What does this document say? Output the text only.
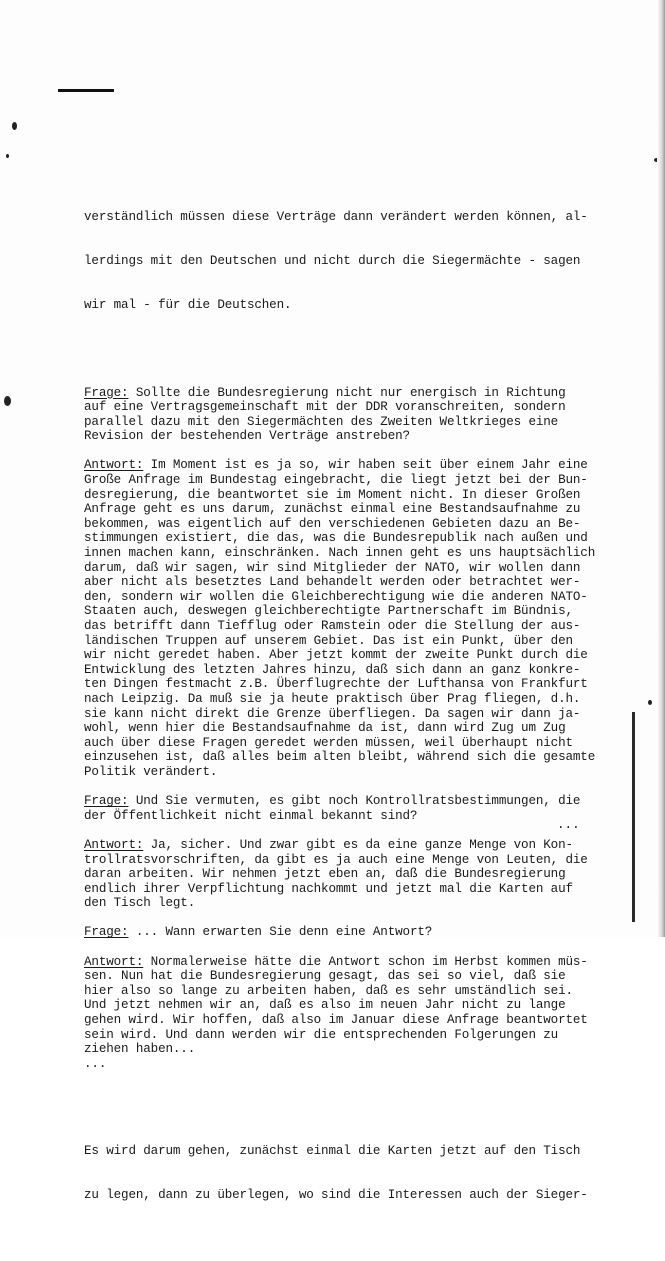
verständlich müssen diese Verträge dann verändert werden können, al-

lerdings mit den Deutschen und nicht durch die Siegermächte - sagen

wir mal - für die Deutschen.

Frage: Sollte die Bundesregierung nicht nur energisch in Richtung
auf eine Vertragsgemeinschaft mit der DDR voranschreiten, sondern
parallel dazu mit den Siegermächten des Zweiten Weltkrieges eine
Revision der bestehenden Verträge anstreben?
Antwort: Im Moment ist es ja so, wir haben seit über einem Jahr eine
Große Anfrage im Bundestag eingebracht, die liegt jetzt bei der Bun-
desregierung, die beantwortet sie im Moment nicht. In dieser Großen
Anfrage geht es uns darum, zunächst einmal eine Bestandsaufnahme zu
bekommen, was eigentlich auf den verschiedenen Gebieten dazu an Be-
stimmungen existiert, die das, was die Bundesrepublik nach außen und
innen machen kann, einschränken. Nach innen geht es uns hauptsächlich
darum, daß wir sagen, wir sind Mitglieder der NATO, wir wollen dann
aber nicht als besetztes Land behandelt werden oder betrachtet wer-
den, sondern wir wollen die Gleichberechtigung wie die anderen NATO-
Staaten auch, deswegen gleichberechtigte Partnerschaft im Bündnis,
das betrifft dann Tiefflug oder Ramstein oder die Stellung der aus-
ländischen Truppen auf unserem Gebiet. Das ist ein Punkt, über den
wir nicht geredet haben. Aber jetzt kommt der zweite Punkt durch die
Entwicklung des letzten Jahres hinzu, daß sich dann an ganz konkre-
ten Dingen festmacht z.B. Überflugrechte der Lufthansa von Frankfurt
nach Leipzig. Da muß sie ja heute praktisch über Prag fliegen, d.h.
sie kann nicht direkt die Grenze überfliegen. Da sagen wir dann ja-
wohl, wenn hier die Bestandsaufnahme da ist, dann wird Zug um Zug
auch über diese Fragen geredet werden müssen, weil überhaupt nicht
einzusehen ist, daß alles beim alten bleibt, während sich die gesamte
Politik verändert.
Frage: Und Sie vermuten, es gibt noch Kontrollratsbestimmungen, die
der Öffentlichkeit nicht einmal bekannt sind?
Antwort: Ja, sicher. Und zwar gibt es da eine ganze Menge von Kon-
trollratsvorschriften, da gibt es ja auch eine Menge von Leuten, die
daran arbeiten. Wir nehmen jetzt eben an, daß die Bundesregierung
endlich ihrer Verpflichtung nachkommt und jetzt mal die Karten auf
den Tisch legt.
Frage: ... Wann erwarten Sie denn eine Antwort?
Antwort: Normalerweise hätte die Antwort schon im Herbst kommen müs-
sen. Nun hat die Bundesregierung gesagt, das sei so viel, daß sie
hier also so lange zu arbeiten haben, daß es sehr umständlich sei.
Und jetzt nehmen wir an, daß es also im neuen Jahr nicht zu lange
gehen wird. Wir hoffen, daß also im Januar diese Anfrage beantwortet
sein wird. Und dann werden wir die entsprechenden Folgerungen zu
ziehen haben...
...

Es wird darum gehen, zunächst einmal die Karten jetzt auf den Tisch

zu legen, dann zu überlegen, wo sind die Interessen auch der Sieger-

...
